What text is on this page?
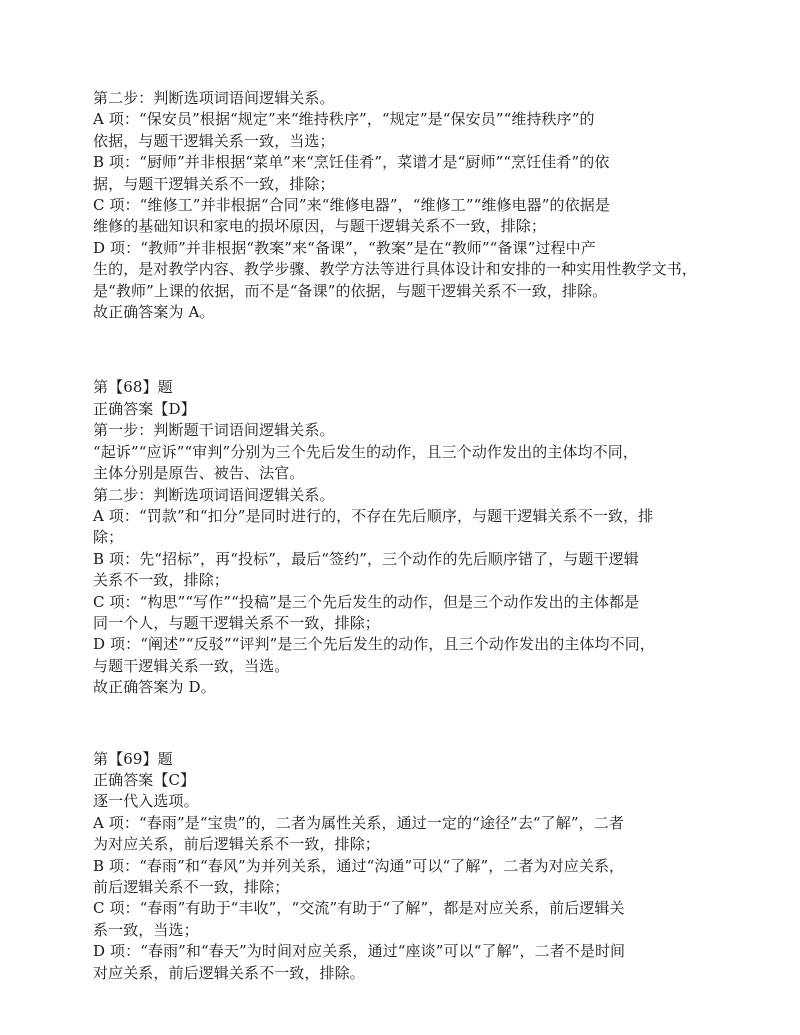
第二步：判断选项词语间逻辑关系。
A 项：“保安员”根据“规定”来“维持秩序”，“规定”是“保安员”“维持秩序”的
依据，与题干逻辑关系一致，当选；
B 项：“厨师”并非根据“菜单”来“烹饪佳肴”，菜谱才是“厨师”“烹饪佳肴”的依
据，与题干逻辑关系不一致，排除；
C 项：“维修工”并非根据“合同”来“维修电器”，“维修工”“维修电器”的依据是
维修的基础知识和家电的损坏原因，与题干逻辑关系不一致，排除；
D 项：“教师”并非根据“教案”来“备课”，“教案”是在“教师”“备课”过程中产
生的，是对教学内容、教学步骤、教学方法等进行具体设计和安排的一种实用性教学文书，
是“教师”上课的依据，而不是“备课”的依据，与题干逻辑关系不一致，排除。
故正确答案为 A。
第【68】题
正确答案【D】
第一步：判断题干词语间逻辑关系。
“起诉”“应诉”“审判”分别为三个先后发生的动作，且三个动作发出的主体均不同，
主体分别是原告、被告、法官。
第二步：判断选项词语间逻辑关系。
A 项：“罚款”和“扣分”是同时进行的，不存在先后顺序，与题干逻辑关系不一致，排
除；
B 项：先“招标”，再“投标”，最后“签约”，三个动作的先后顺序错了，与题干逻辑
关系不一致，排除；
C 项：“构思”“写作”“投稿”是三个先后发生的动作，但是三个动作发出的主体都是
同一个人，与题干逻辑关系不一致，排除；
D 项：“阐述”“反驳”“评判”是三个先后发生的动作，且三个动作发出的主体均不同，
与题干逻辑关系一致，当选。
故正确答案为 D。
第【69】题
正确答案【C】
逐一代入选项。
A 项：“春雨”是“宝贵”的，二者为属性关系，通过一定的“途径”去“了解”，二者
为对应关系，前后逻辑关系不一致，排除；
B 项：“春雨”和“春风”为并列关系，通过“沟通”可以“了解”，二者为对应关系，
前后逻辑关系不一致，排除；
C 项：“春雨”有助于“丰收”，“交流”有助于“了解”，都是对应关系，前后逻辑关
系一致，当选；
D 项：“春雨”和“春天”为时间对应关系，通过“座谈”可以“了解”，二者不是时间
对应关系，前后逻辑关系不一致，排除。
